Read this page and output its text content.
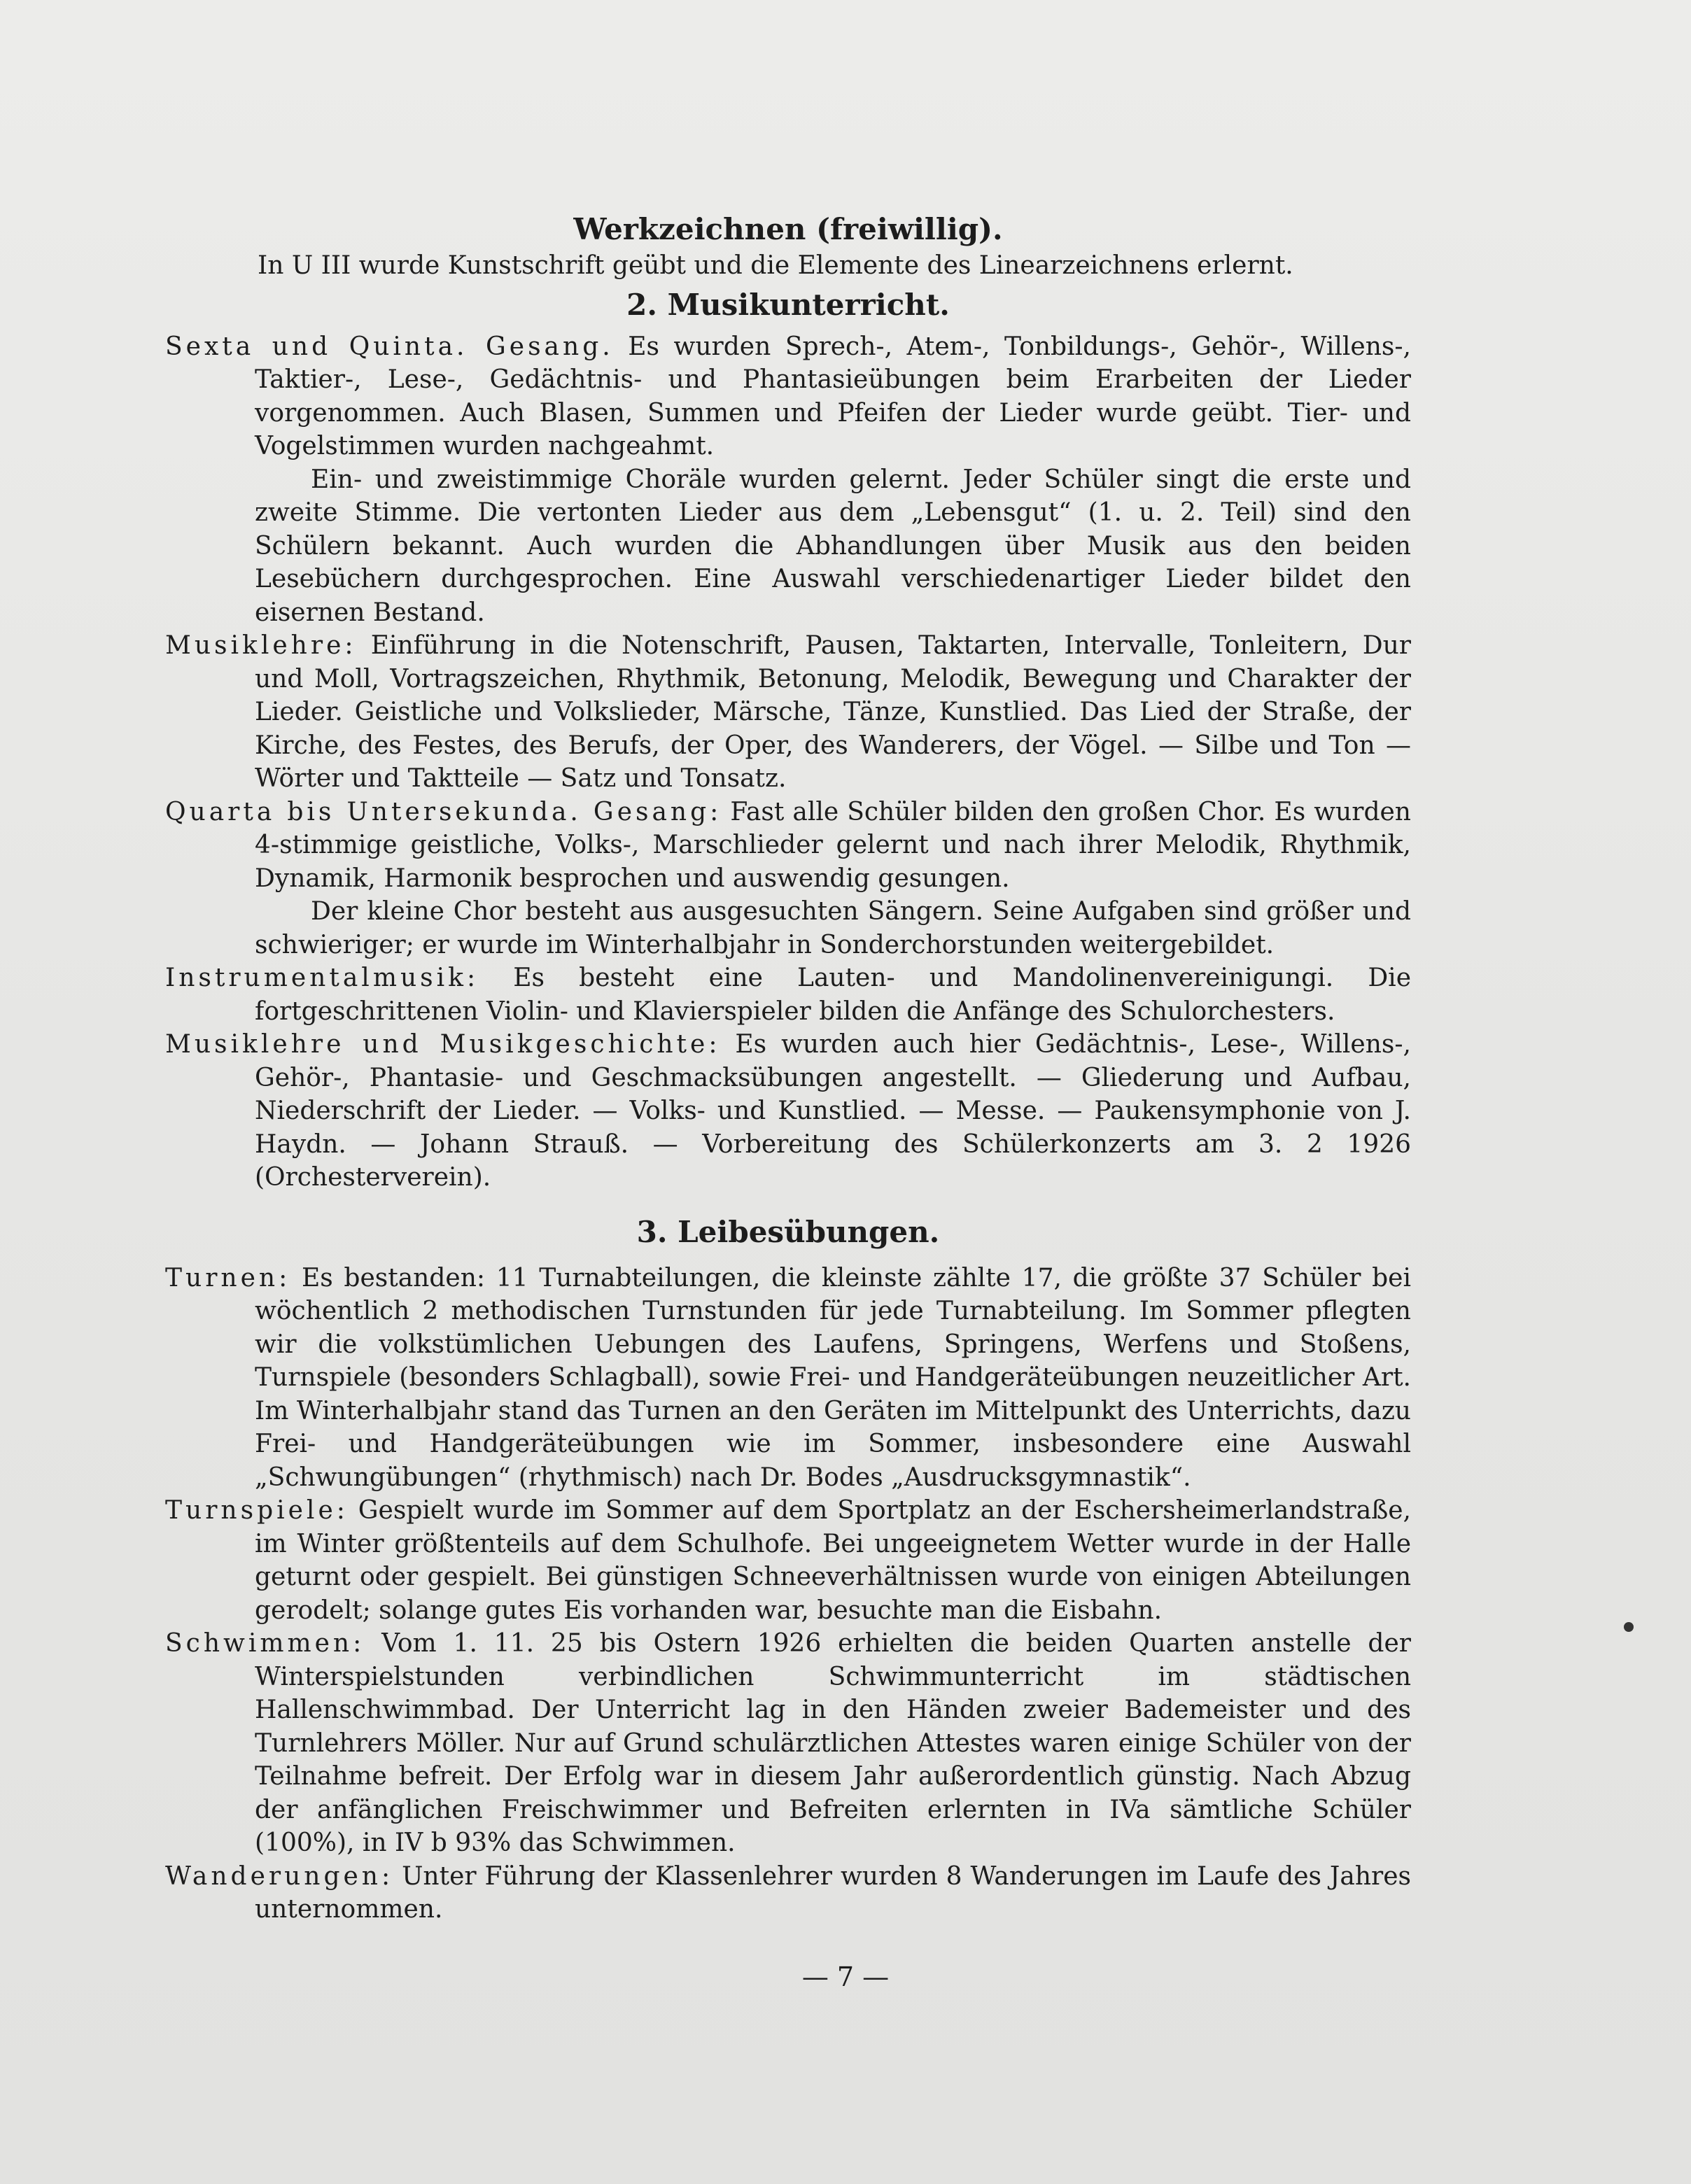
Werkzeichnen (freiwillig).

In U III wurde Kunstschrift geübt und die Elemente des Linearzeichnens erlernt.

2. Musikunterricht.

Sexta und Quinta. Gesang. Es wurden Sprech-, Atem-, Tonbildungs-, Gehör-, Willens-, Taktier-, Lese-, Gedächtnis- und Phantasieübungen beim Erarbeiten der Lieder vorgenommen. Auch Blasen, Summen und Pfeifen der Lieder wurde geübt. Tier- und Vogelstimmen wurden nachgeahmt.

Ein- und zweistimmige Choräle wurden gelernt. Jeder Schüler singt die erste und zweite Stimme. Die vertonten Lieder aus dem „Lebensgut“ (1. u. 2. Teil) sind den Schülern bekannt. Auch wurden die Abhandlungen über Musik aus den beiden Lesebüchern durchgesprochen. Eine Auswahl verschiedenartiger Lieder bildet den eisernen Bestand.

Musiklehre: Einführung in die Notenschrift, Pausen, Taktarten, Intervalle, Tonleitern, Dur und Moll, Vortragszeichen, Rhythmik, Betonung, Melodik, Bewegung und Charakter der Lieder. Geistliche und Volkslieder, Märsche, Tänze, Kunstlied. Das Lied der Straße, der Kirche, des Festes, des Berufs, der Oper, des Wanderers, der Vögel. — Silbe und Ton — Wörter und Taktteile — Satz und Tonsatz.

Quarta bis Untersekunda. Gesang: Fast alle Schüler bilden den großen Chor. Es wurden 4-stimmige geistliche, Volks-, Marschlieder gelernt und nach ihrer Melodik, Rhythmik, Dynamik, Harmonik besprochen und auswendig gesungen.

Der kleine Chor besteht aus ausgesuchten Sängern. Seine Aufgaben sind größer und schwieriger; er wurde im Winterhalbjahr in Sonderchorstunden weitergebildet.

Instrumentalmusik: Es besteht eine Lauten- und Mandolinenvereinigungi. Die fortgeschrittenen Violin- und Klavierspieler bilden die Anfänge des Schulorchesters.

Musiklehre und Musikgeschichte: Es wurden auch hier Gedächtnis-, Lese-, Willens-, Gehör-, Phantasie- und Geschmacksübungen angestellt. — Gliederung und Aufbau, Niederschrift der Lieder. — Volks- und Kunstlied. — Messe. — Paukensymphonie von J. Haydn. — Johann Strauß. — Vorbereitung des Schülerkonzerts am 3. 2 1926 (Orchesterverein).

3. Leibesübungen.

Turnen: Es bestanden: 11 Turnabteilungen, die kleinste zählte 17, die größte 37 Schüler bei wöchentlich 2 methodischen Turnstunden für jede Turnabteilung. Im Sommer pflegten wir die volkstümlichen Uebungen des Laufens, Springens, Werfens und Stoßens, Turnspiele (besonders Schlagball), sowie Frei- und Handgeräteübungen neuzeitlicher Art. Im Winterhalbjahr stand das Turnen an den Geräten im Mittelpunkt des Unterrichts, dazu Frei- und Handgeräteübungen wie im Sommer, insbesondere eine Auswahl „Schwungübungen“ (rhythmisch) nach Dr. Bodes „Ausdrucksgymnastik“.

Turnspiele: Gespielt wurde im Sommer auf dem Sportplatz an der Eschersheimerlandstraße, im Winter größtenteils auf dem Schulhofe. Bei ungeeignetem Wetter wurde in der Halle geturnt oder gespielt. Bei günstigen Schneeverhältnissen wurde von einigen Abteilungen gerodelt; solange gutes Eis vorhanden war, besuchte man die Eisbahn.

Schwimmen: Vom 1. 11. 25 bis Ostern 1926 erhielten die beiden Quarten anstelle der Winterspielstunden verbindlichen Schwimmunterricht im städtischen Hallenschwimmbad. Der Unterricht lag in den Händen zweier Bademeister und des Turnlehrers Möller. Nur auf Grund schulärztlichen Attestes waren einige Schüler von der Teilnahme befreit. Der Erfolg war in diesem Jahr außerordentlich günstig. Nach Abzug der anfänglichen Freischwimmer und Befreiten erlernten in IVa sämtliche Schüler (100%), in IV b 93% das Schwimmen.

Wanderungen: Unter Führung der Klassenlehrer wurden 8 Wanderungen im Laufe des Jahres unternommen.

— 7 —
